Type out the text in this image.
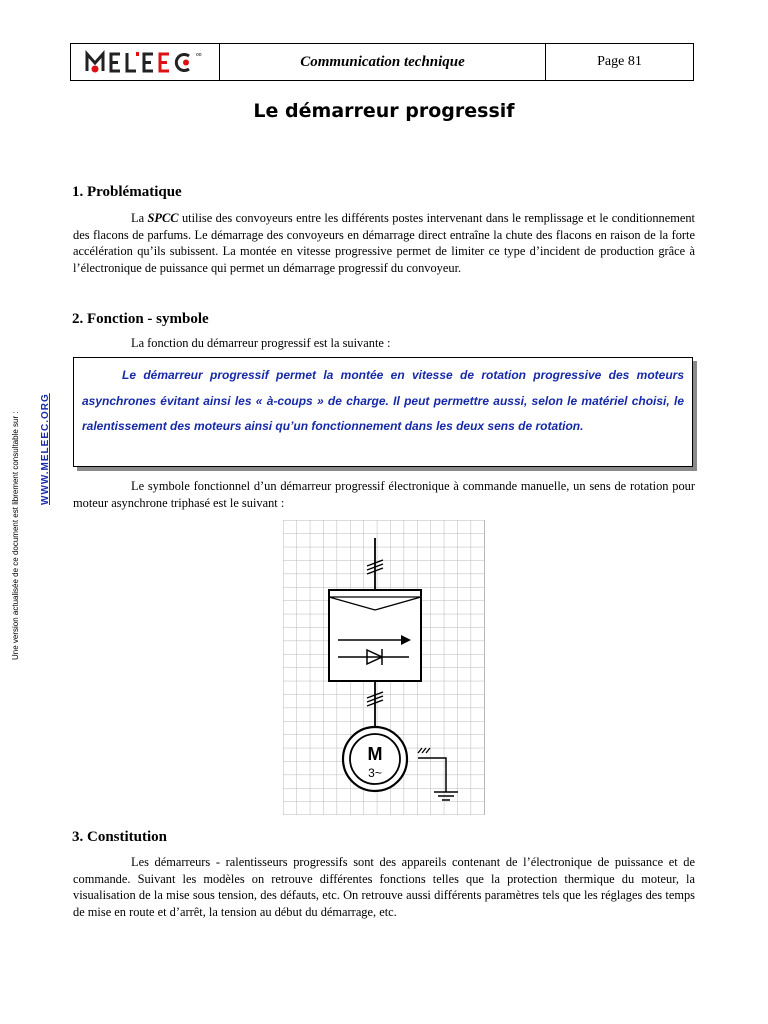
oo	Communication technique	Page 81
Le démarreur progressif
Une version actualisée de ce document est librement consultable sur : WWW.MELEEC.ORG
1. Problématique

La SPCC utilise des convoyeurs entre les différents postes intervenant dans le remplissage et le conditionnement des flacons de parfums. Le démarrage des convoyeurs en démarrage direct entraîne la chute des flacons en raison de la forte accélération qu’ils subissent. La montée en vitesse progressive permet de limiter ce type d’incident de production grâce à l’électronique de puissance qui permet un démarrage progressif du convoyeur.

2. Fonction - symbole

La fonction du démarreur progressif est la suivante :

Le démarreur progressif permet la montée en vitesse de rotation progressive des moteurs asynchrones évitant ainsi les « à-coups » de charge. Il peut permettre aussi, selon le matériel choisi, le ralentissement des moteurs ainsi qu’un fonctionnement dans les deux sens de rotation.

Le symbole fonctionnel d’un démarreur progressif électronique à commande manuelle, un sens de rotation pour moteur asynchrone triphasé est le suivant :

M
3~
3. Constitution

Les démarreurs - ralentisseurs progressifs sont des appareils contenant de l’électronique de puissance et de commande. Suivant les modèles on retrouve différentes fonctions telles que la protection thermique du moteur, la visualisation de la mise sous tension, des défauts, etc. On retrouve aussi différents paramètres tels que les réglages des temps de mise en route et d’arrêt, la tension au début du démarrage, etc.
